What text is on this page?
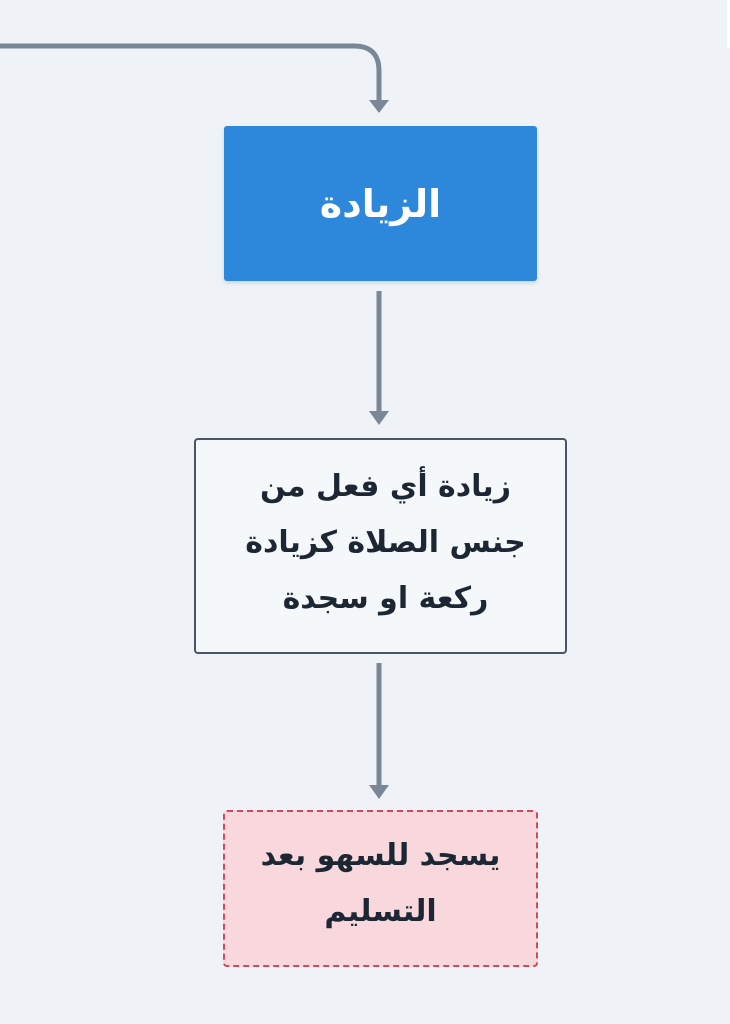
الزيادة
زيادة أي فعل من جنس الصلاة كزيادة ركعة او سجدة
يسجد للسهو بعد التسليم
